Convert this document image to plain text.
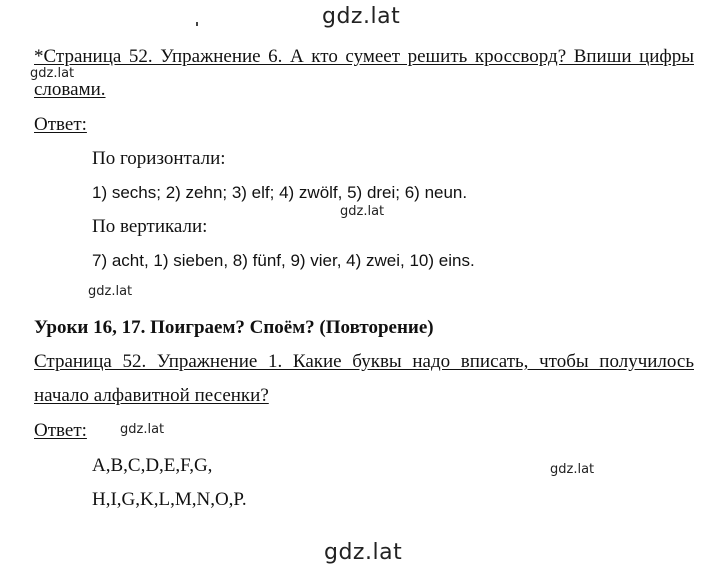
gdz.lat
gdz.lat
gdz.lat
gdz.lat
gdz.lat
gdz.lat
gdz.lat
*Страница 52. Упражнение 6. А кто сумеет решить кроссворд? Впиши цифры
словами.
Ответ:
По горизонтали:
1) sechs; 2) zehn; 3) elf; 4) zwölf, 5) drei; 6) neun.
По вертикали:
7) acht, 1) sieben, 8) fünf, 9) vier, 4) zwei, 10) eins.
Уроки 16, 17. Поиграем? Споём? (Повторение)
Страница 52. Упражнение 1. Какие буквы надо вписать, чтобы получилось
начало алфавитной песенки?
Ответ:
A,B,C,D,E,F,G,
H,I,G,K,L,M,N,O,P.
